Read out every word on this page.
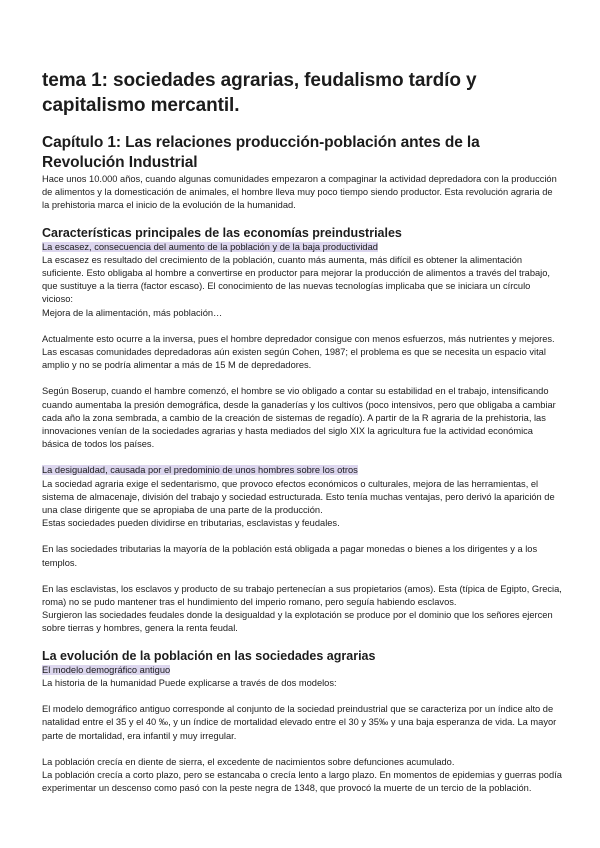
tema 1: sociedades agrarias, feudalismo tardío y capitalismo mercantil.
Capítulo 1: Las relaciones producción-población antes de la Revolución Industrial

Hace unos 10.000 años, cuando algunas comunidades empezaron a compaginar la actividad depredadora con la producción de alimentos y la domesticación de animales, el hombre lleva muy poco tiempo siendo productor. Esta revolución agraria de la prehistoria marca el inicio de la evolución de la humanidad.

Características principales de las economías preindustriales
La escasez, consecuencia del aumento de la población y de la baja productividad

La escasez es resultado del crecimiento de la población, cuanto más aumenta, más difícil es obtener la alimentación suficiente. Esto obligaba al hombre a convertirse en productor para mejorar la producción de alimentos a través del trabajo, que sustituye a la tierra (factor escaso). El conocimiento de las nuevas tecnologías implicaba que se iniciara un círculo vicioso:

Mejora de la alimentación, más población…

Actualmente esto ocurre a la inversa, pues el hombre depredador consigue con menos esfuerzos, más nutrientes y mejores. Las escasas comunidades depredadoras aún existen según Cohen, 1987; el problema es que se necesita un espacio vital amplio y no se podría alimentar a más de 15 M de depredadores.

Según Boserup, cuando el hambre comenzó, el hombre se vio obligado a contar su estabilidad en el trabajo, intensificando cuando aumentaba la presión demográfica, desde la ganaderías y los cultivos (poco intensivos, pero que obligaba a cambiar cada año la zona sembrada, a cambio de la creación de sistemas de regadío). A partir de la R agraria de la prehistoria, las innovaciones venían de la sociedades agrarias y hasta mediados del siglo XIX la agricultura fue la actividad económica básica de todos los países.

La desigualdad, causada por el predominio de unos hombres sobre los otros

La sociedad agraria exige el sedentarismo, que provoco efectos económicos o culturales, mejora de las herramientas, el sistema de almacenaje, división del trabajo y sociedad estructurada. Esto tenía muchas ventajas, pero derivó la aparición de una clase dirigente que se apropiaba de una parte de la producción.

Estas sociedades pueden dividirse en tributarias, esclavistas y feudales.

En las sociedades tributarias la mayoría de la población está obligada a pagar monedas o bienes a los dirigentes y a los templos.

En las esclavistas, los esclavos y producto de su trabajo pertenecían a sus propietarios (amos). Esta (típica de Egipto, Grecia, roma) no se pudo mantener tras el hundimiento del imperio romano, pero seguía habiendo esclavos.

Surgieron las sociedades feudales donde la desigualdad y la explotación se produce por el dominio que los señores ejercen sobre tierras y hombres, genera la renta feudal.

La evolución de la población en las sociedades agrarias
El modelo demográfico antiguo

La historia de la humanidad Puede explicarse a través de dos modelos:

El modelo demográfico antiguo corresponde al conjunto de la sociedad preindustrial que se caracteriza por un índice alto de natalidad entre el 35 y el 40 ‰, y un índice de mortalidad elevado entre el 30 y 35‰ y una baja esperanza de vida. La mayor parte de mortalidad, era infantil y muy irregular.

La población crecía en diente de sierra, el excedente de nacimientos sobre defunciones acumulado.

La población crecía a corto plazo, pero se estancaba o crecía lento a largo plazo. En momentos de epidemias y guerras podía experimentar un descenso como pasó con la peste negra de 1348, que provocó la muerte de un tercio de la población.
